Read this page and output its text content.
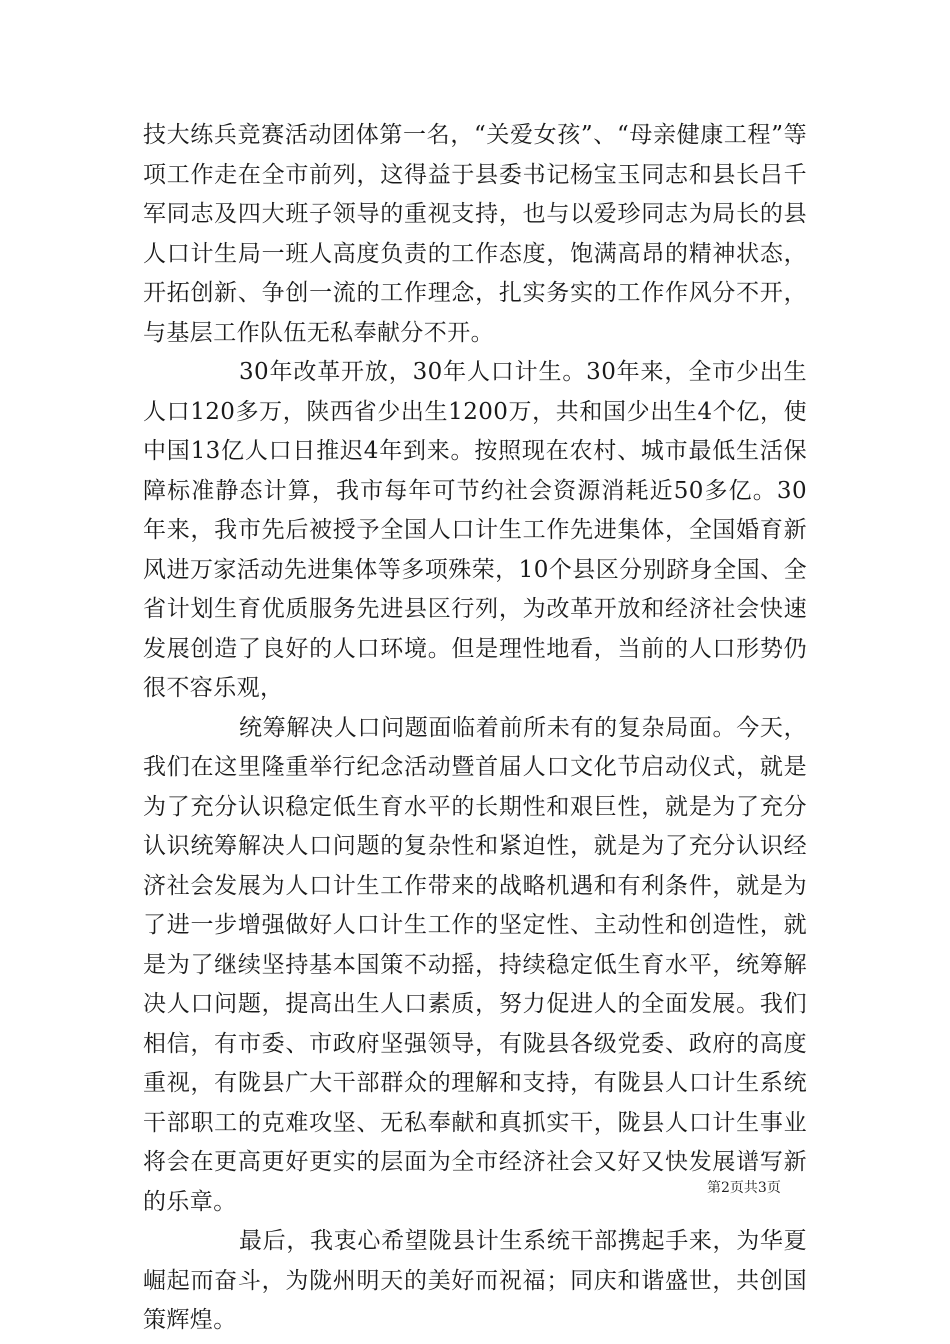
技大练兵竞赛活动团体第一名，“关爱女孩”、“母亲健康工程”等项工作走在全市前列，这得益于县委书记杨宝玉同志和县长吕千军同志及四大班子领导的重视支持，也与以爱珍同志为局长的县人口计生局一班人高度负责的工作态度，饱满高昂的精神状态，开拓创新、争创一流的工作理念，扎实务实的工作作风分不开，与基层工作队伍无私奉献分不开。

30年改革开放，30年人口计生。30年来，全市少出生人口120多万，陕西省少出生1200万，共和国少出生4个亿，使中国13亿人口日推迟4年到来。按照现在农村、城市最低生活保障标准静态计算，我市每年可节约社会资源消耗近50多亿。30年来，我市先后被授予全国人口计生工作先进集体，全国婚育新风进万家活动先进集体等多项殊荣，10个县区分别跻身全国、全省计划生育优质服务先进县区行列，为改革开放和经济社会快速发展创造了良好的人口环境。但是理性地看，当前的人口形势仍很不容乐观，

统筹解决人口问题面临着前所未有的复杂局面。今天，我们在这里隆重举行纪念活动暨首届人口文化节启动仪式，就是为了充分认识稳定低生育水平的长期性和艰巨性，就是为了充分认识统筹解决人口问题的复杂性和紧迫性，就是为了充分认识经济社会发展为人口计生工作带来的战略机遇和有利条件，就是为了进一步增强做好人口计生工作的坚定性、主动性和创造性，就是为了继续坚持基本国策不动摇，持续稳定低生育水平，统筹解决人口问题，提高出生人口素质，努力促进人的全面发展。我们相信，有市委、市政府坚强领导，有陇县各级党委、政府的高度重视，有陇县广大干部群众的理解和支持，有陇县人口计生系统干部职工的克难攻坚、无私奉献和真抓实干，陇县人口计生事业将会在更高更好更实的层面为全市经济社会又好又快发展谱写新的乐章。

最后，我衷心希望陇县计生系统干部携起手来，为华夏崛起而奋斗，为陇州明天的美好而祝福；同庆和谐盛世，共创国策辉煌。

第2页共3页
